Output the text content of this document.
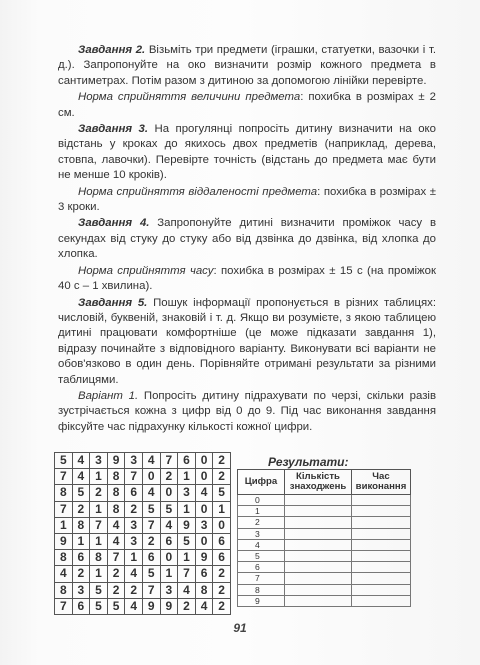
Завдання 2. Візьміть три предмети (іграшки, статуетки, вазочки і т. д.). Запропонуйте на око визначити розмір кожного предмета в сантиметрах. Потім разом з дитиною за допомогою лінійки перевірте.

Норма сприйняття величини предмета: похибка в розмірах ± 2 см.

Завдання 3. На прогулянці попросіть дитину визначити на око відстань у кроках до якихось двох предметів (наприклад, дерева, стовпа, лавочки). Перевірте точність (відстань до предмета має бути не менше 10 кроків).

Норма сприйняття віддаленості предмета: похибка в розмірах ± 3 кроки.

Завдання 4. Запропонуйте дитині визначити проміжок часу в секундах від стуку до стуку або від дзвінка до дзвінка, від хлопка до хлопка.

Норма сприйняття часу: похибка в розмірах ± 15 с (на проміжок 40 с – 1 хвилина).

Завдання 5. Пошук інформації пропонується в різних таблицях: числовій, буквеній, знаковій і т. д. Якщо ви розумієте, з якою таблицею дитині працювати комфортніше (це може підказати завдання 1), відразу починайте з відповідного варіанту. Виконувати всі варіанти не обов'язково в один день. Порівняйте отримані результати за різними таблицями.

Варіант 1. Попросіть дитину підрахувати по черзі, скільки разів зустрічається кожна з цифр від 0 до 9. Під час виконання завдання фіксуйте час підрахунку кількості кожної цифри.

5	4	3	9	3	4	7	6	0	2
7	4	1	8	7	0	2	1	0	2
8	5	2	8	6	4	0	3	4	5
7	2	1	8	2	5	5	1	0	1
1	8	7	4	3	7	4	9	3	0
9	1	1	4	3	2	6	5	0	6
8	6	8	7	1	6	0	1	9	6
4	2	1	2	4	5	1	7	6	2
8	3	5	2	2	7	3	4	8	2
7	6	5	5	4	9	9	2	4	2
Результати:
Цифра	Кількість знаходжень	Час виконання
0		
1		
2		
3		
4		
5		
6		
7		
8		
9		
91
